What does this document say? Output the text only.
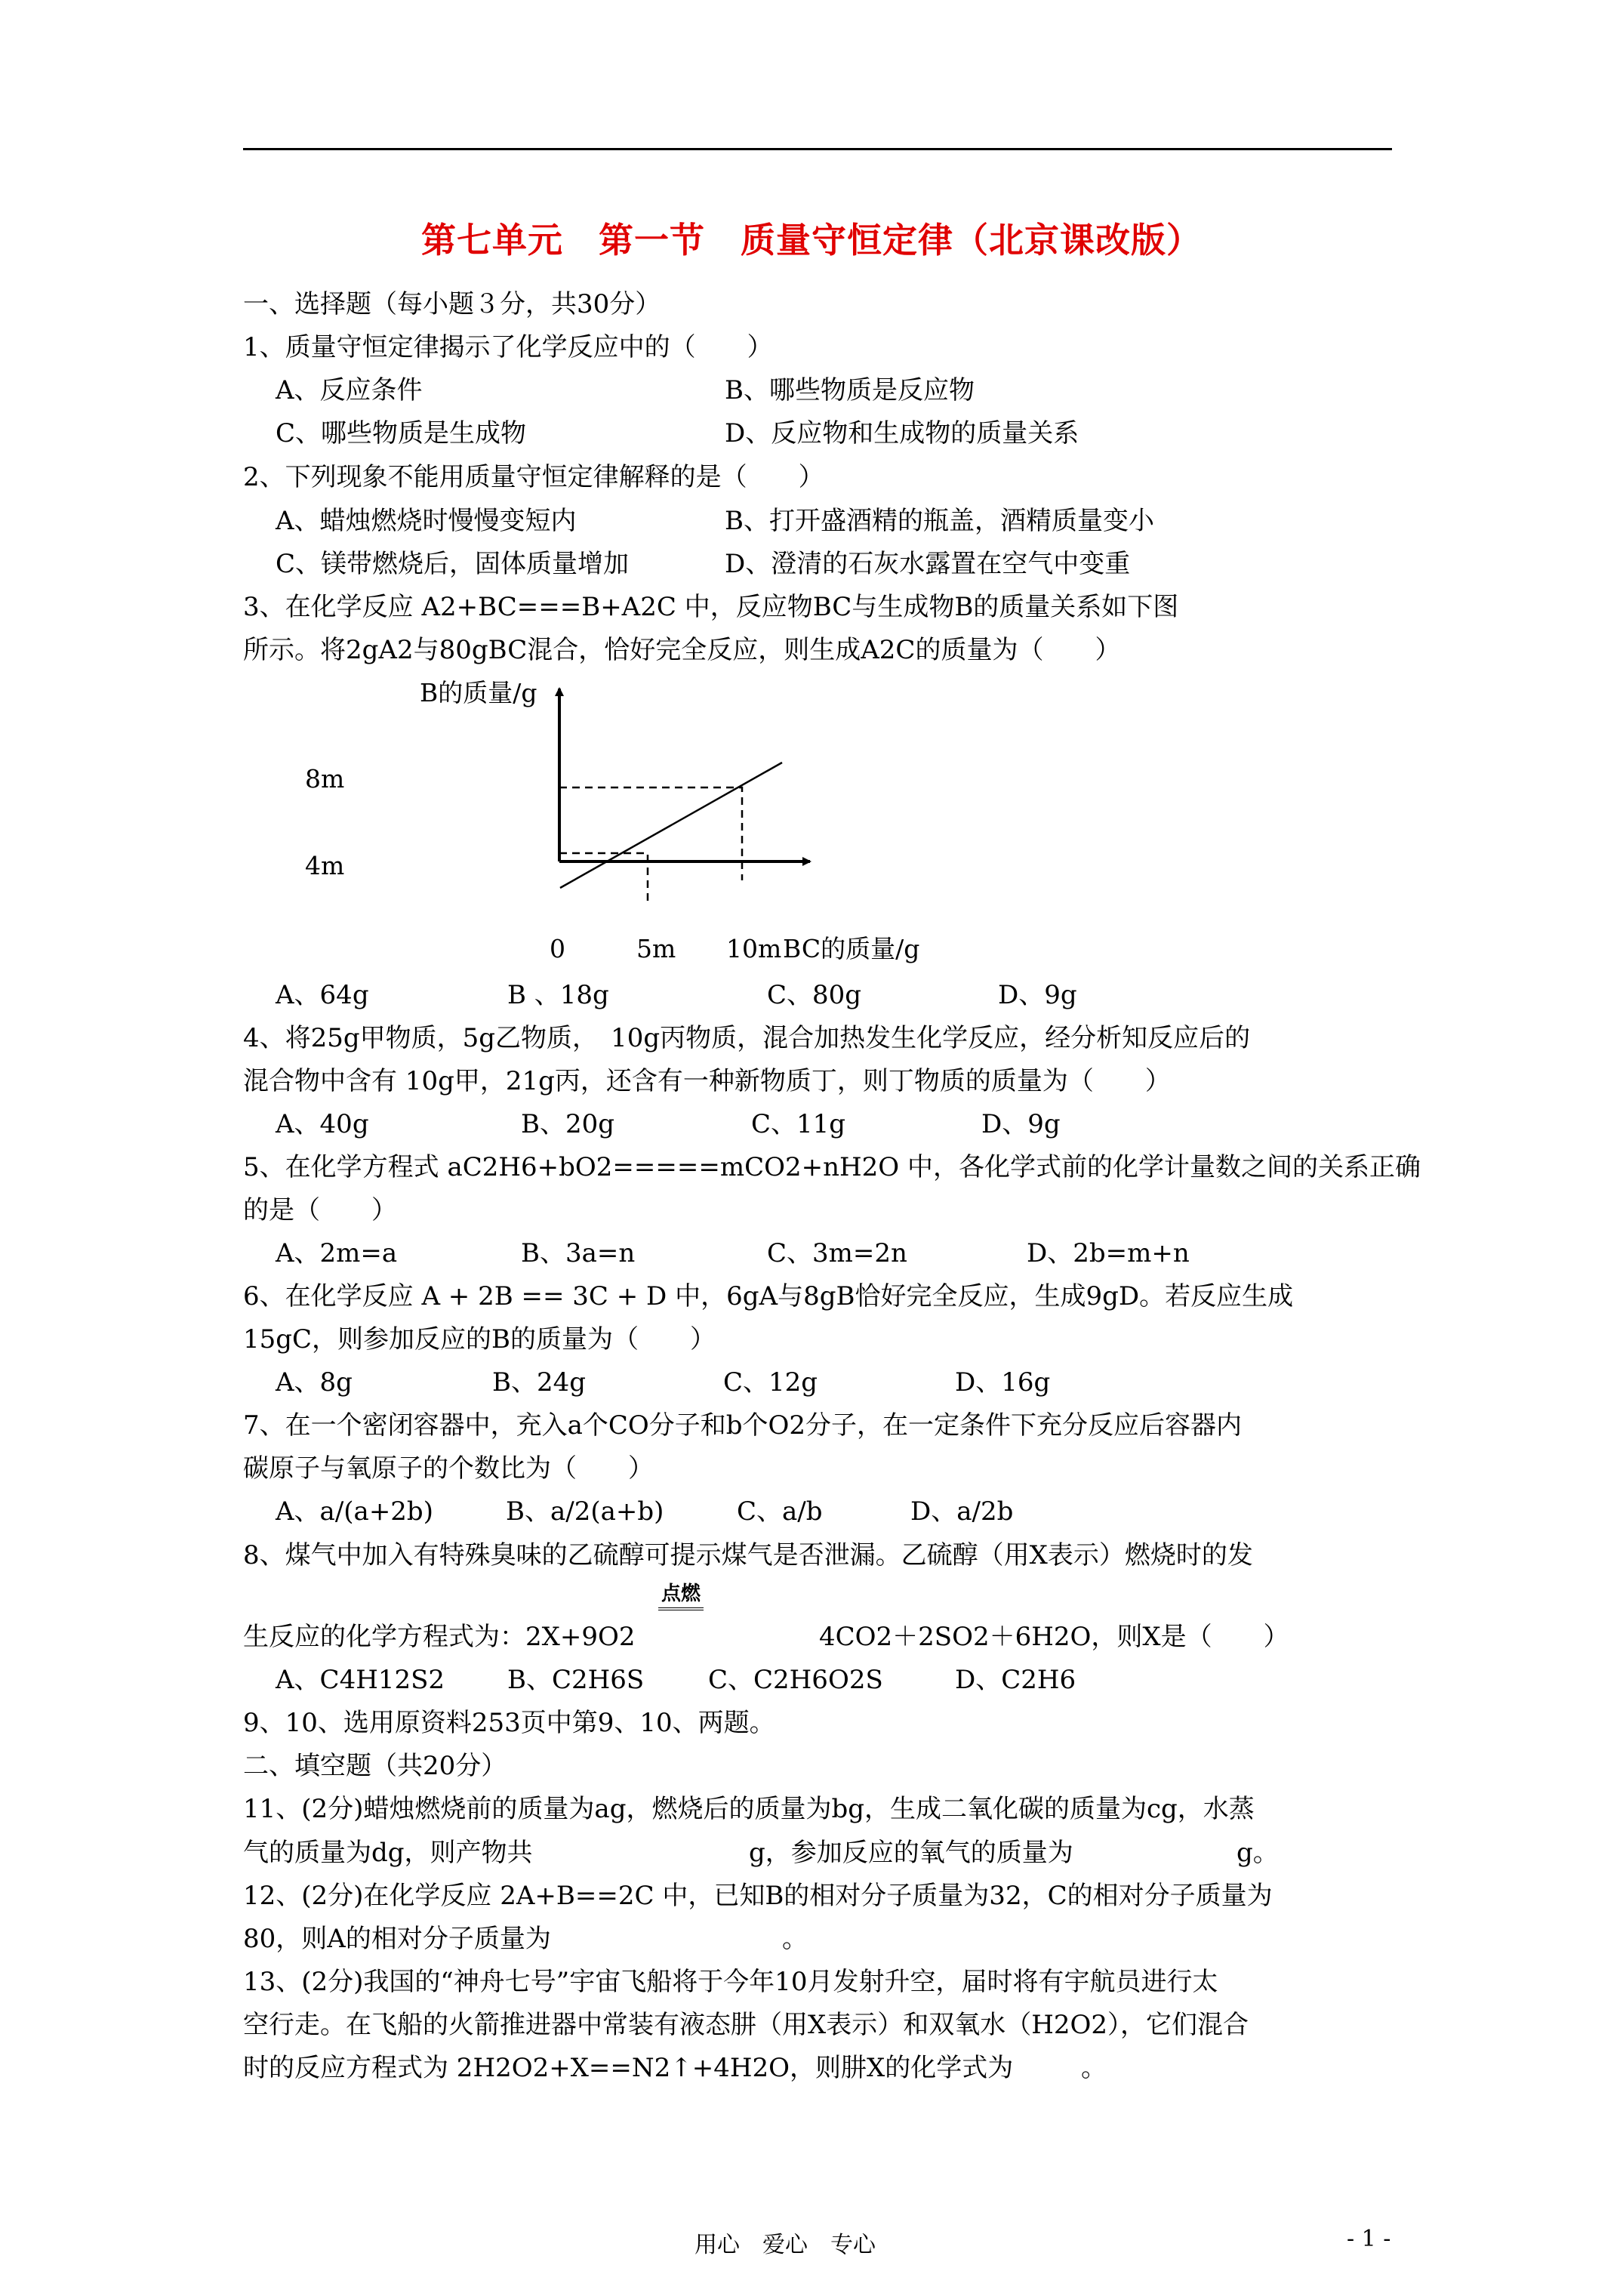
第七单元　第一节　质量守恒定律（北京课改版）
一、选择题（每小题３分，共30分）
1、质量守恒定律揭示了化学反应中的（　　）
A、反应条件	B、哪些物质是反应物
C、哪些物质是生成物	D、反应物和生成物的质量关系
2、下列现象不能用质量守恒定律解释的是（　　）
A、蜡烛燃烧时慢慢变短内	B、打开盛酒精的瓶盖，酒精质量变小
C、镁带燃烧后，固体质量增加	D、澄清的石灰水露置在空气中变重
3、在化学反应 A2+BC===B+A2C 中，反应物BC与生成物B的质量关系如下图
所示。将2gA2与80gBC混合，恰好完全反应，则生成A2C的质量为（　　）
B的质量/g
8m
4m
0	5m 10m BC的质量/g
A、64g	B 、18g	C、80g	D、9g
4、将25g甲物质，5g乙物质，　10g丙物质，混合加热发生化学反应，经分析知反应后的
混合物中含有 10g甲，21g丙，还含有一种新物质丁，则丁物质的质量为（　　）
A、40g	B、20g	C、11g	D、9g
5、在化学方程式 aC2H6+bO2=====mCO2+nH2O 中，各化学式前的化学计量数之间的关系正确
的是（　　）
A、2m=a	B、3a=n	C、3m=2n	D、2b=m+n
6、在化学反应 A + 2B == 3C + D 中，6gA与8gB恰好完全反应，生成9gD。若反应生成
15gC，则参加反应的B的质量为（　　）
A、8g	B、24g	C、12g	D、16g
7、在一个密闭容器中，充入a个CO分子和b个O2分子，在一定条件下充分反应后容器内
碳原子与氧原子的个数比为（　　）
A、a/(a+2b)	B、a/2(a+b)	C、a/b	D、a/2b
8、煤气中加入有特殊臭味的乙硫醇可提示煤气是否泄漏。乙硫醇（用X表示）燃烧时的发
点燃
生反应的化学方程式为：2X+9O2	4CO2＋2SO2＋6H2O，则X是（　　）
A、C4H12S2 B、C2H6S C、C2H6O2S	D、C2H6
9、10、选用原资料253页中第9、10、两题。
二、填空题（共20分）
11、(2分)蜡烛燃烧前的质量为ag，燃烧后的质量为bg，生成二氧化碳的质量为cg，水蒸
气的质量为dg，则产物共	g，参加反应的氧气的质量为	g。
12、(2分)在化学反应 2A+B==2C 中，已知B的相对分子质量为32，C的相对分子质量为
80，则A的相对分子质量为	。
13、(2分)我国的“神舟七号”宇宙飞船将于今年10月发射升空，届时将有宇航员进行太
空行走。在飞船的火箭推进器中常装有液态肼（用X表示）和双氧水（H2O2），它们混合
时的反应方程式为 2H2O2+X==N2↑+4H2O，则肼X的化学式为	。
用心　爱心　专心	- 1 -
